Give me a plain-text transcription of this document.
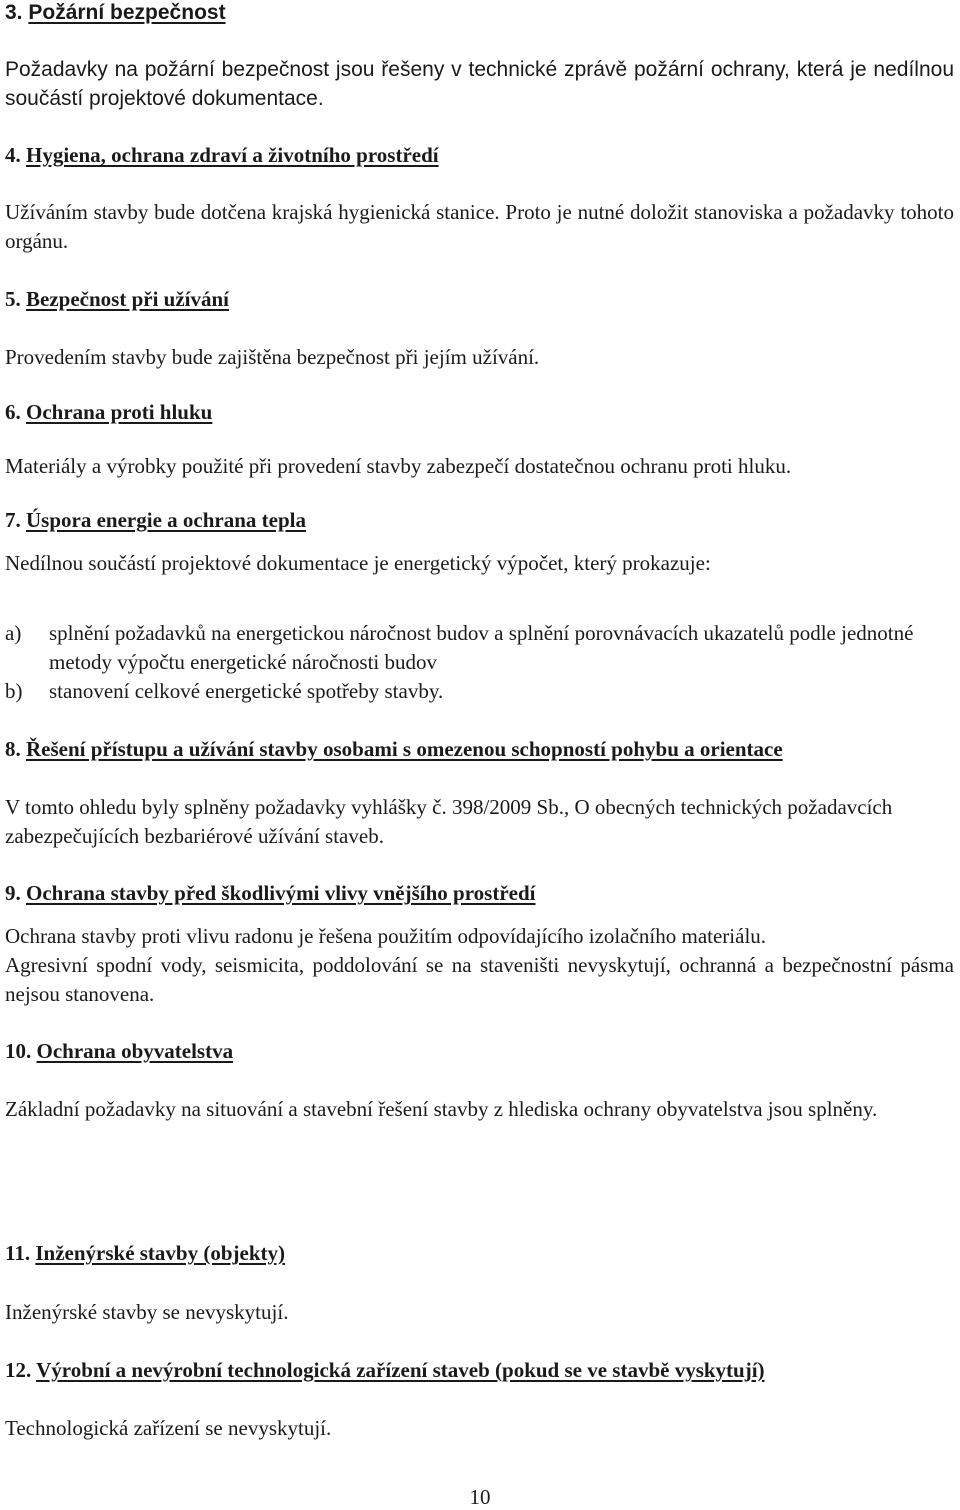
3. Požární bezpečnost

Požadavky na požární bezpečnost jsou řešeny v technické zprávě požární ochrany, která je nedílnou součástí projektové dokumentace.

4. Hygiena, ochrana zdraví a životního prostředí

Užíváním stavby bude dotčena krajská hygienická stanice. Proto je nutné doložit stanoviska a požadavky tohoto orgánu.

5. Bezpečnost při užívání

Provedením stavby bude zajištěna bezpečnost při jejím užívání.

6. Ochrana proti hluku

Materiály a výrobky použité při provedení stavby zabezpečí dostatečnou ochranu proti hluku.

7. Úspora energie a ochrana tepla

Nedílnou součástí projektové dokumentace je energetický výpočet, který prokazuje:

a) splnění požadavků na energetickou náročnost budov a splnění porovnávacích ukazatelů podle jednotné metody výpočtu energetické náročnosti budov
b) stanovení celkové energetické spotřeby stavby.
8. Řešení přístupu a užívání stavby osobami s omezenou schopností pohybu a orientace

V tomto ohledu byly splněny požadavky vyhlášky č. 398/2009 Sb., O obecných technických požadavcích zabezpečujících bezbariérové užívání staveb.

9. Ochrana stavby před škodlivými vlivy vnějšího prostředí

Ochrana stavby proti vlivu radonu je řešena použitím odpovídajícího izolačního materiálu.

Agresivní spodní vody, seismicita, poddolování se na staveništi nevyskytují, ochranná a bezpečnostní pásma nejsou stanovena.

10. Ochrana obyvatelstva

Základní požadavky na situování a stavební řešení stavby z hlediska ochrany obyvatelstva jsou splněny.

11. Inženýrské stavby (objekty)

Inženýrské stavby se nevyskytují.

12. Výrobní a nevýrobní technologická zařízení staveb (pokud se ve stavbě vyskytují)

Technologická zařízení se nevyskytují.

10
